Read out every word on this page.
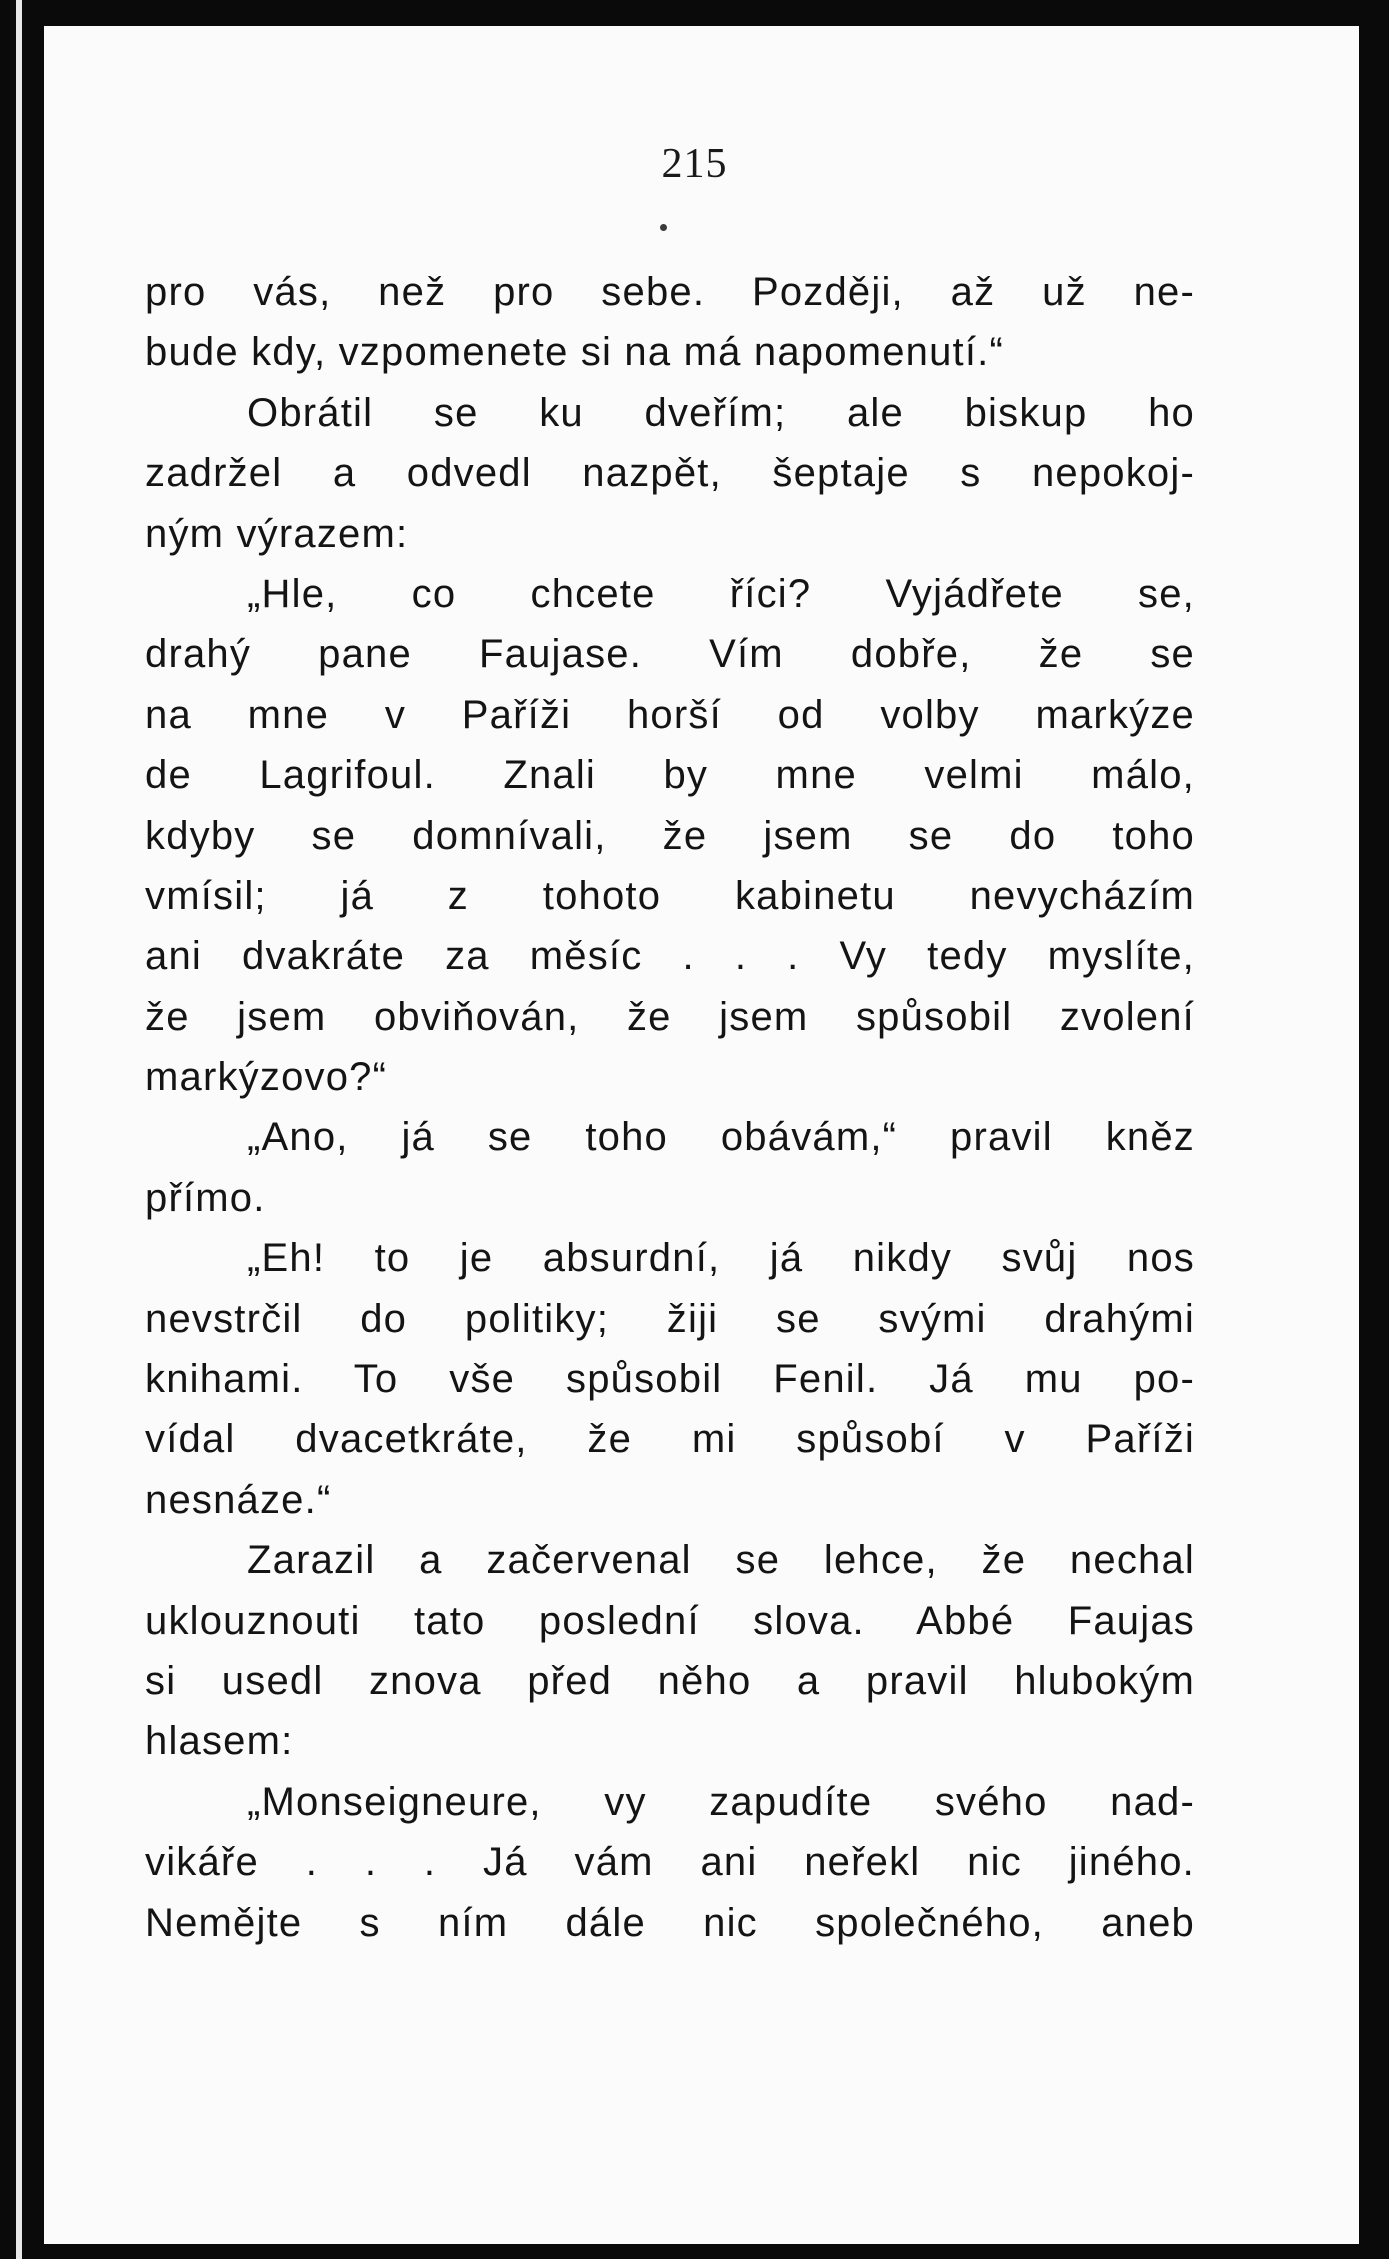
215
pro vás, než pro sebe. Později, až už ne-
bude kdy, vzpomenete si na má napomenutí.“
Obrátil se ku dveřím; ale biskup ho
zadržel a odvedl nazpět, šeptaje s nepokoj-
ným výrazem:
„Hle, co chcete říci? Vyjádřete se,
drahý pane Faujase. Vím dobře, že se
na mne v Paříži horší od volby markýze
de Lagrifoul. Znali by mne velmi málo,
kdyby se domnívali, že jsem se do toho
vmísil; já z tohoto kabinetu nevycházím
ani dvakráte za měsíc . . . Vy tedy myslíte,
že jsem obviňován, že jsem spůsobil zvolení
markýzovo?“
„Ano, já se toho obávám,“ pravil kněz
přímo.
„Eh! to je absurdní, já nikdy svůj nos
nevstrčil do politiky; žiji se svými drahými
knihami. To vše spůsobil Fenil. Já mu po-
vídal dvacetkráte, že mi spůsobí v Paříži
nesnáze.“
Zarazil a začervenal se lehce, že nechal
uklouznouti tato poslední slova. Abbé Faujas
si usedl znova před něho a pravil hlubokým
hlasem:
„Monseigneure, vy zapudíte svého nad-
vikáře . . . Já vám ani neřekl nic jiného.
Nemějte s ním dále nic společného, aneb
